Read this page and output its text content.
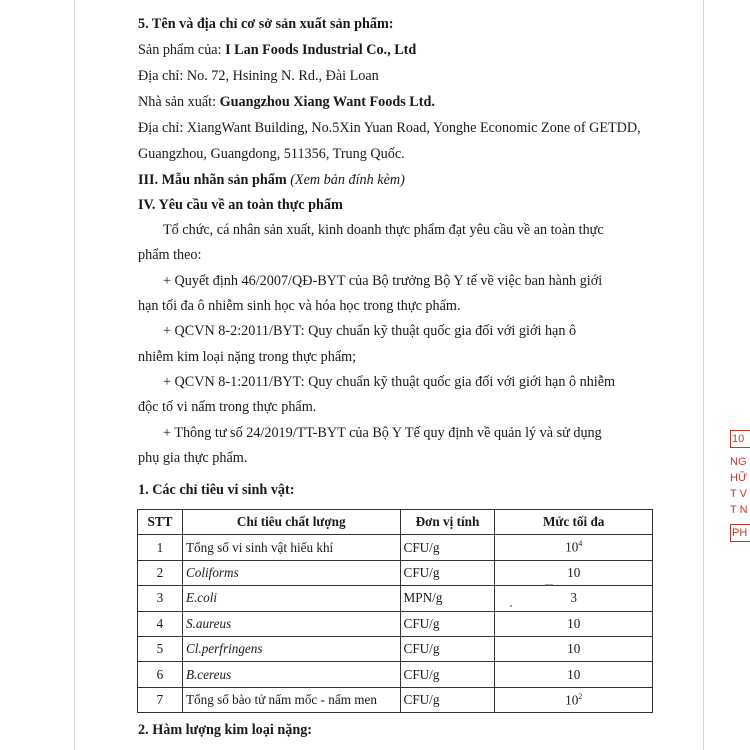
5. Tên và địa chỉ cơ sở sản xuất sản phẩm:
Sản phẩm của: I Lan Foods Industrial Co., Ltd
Địa chỉ: No. 72, Hsining N. Rd., Đài Loan
Nhà sản xuất: Guangzhou Xiang Want Foods Ltd.
Địa chỉ: XiangWant Building, No.5Xin Yuan Road, Yonghe Economic Zone of GETDD,
Guangzhou, Guangdong, 511356, Trung Quốc.
III. Mẫu nhãn sản phẩm (Xem bản đính kèm)
IV. Yêu cầu về an toàn thực phẩm
Tổ chức, cá nhân sản xuất, kinh doanh thực phẩm đạt yêu cầu về an toàn thực
phẩm theo:
+ Quyết định 46/2007/QĐ-BYT của Bộ trưởng Bộ Y tế về việc ban hành giới
hạn tối đa ô nhiễm sinh học và hóa học trong thực phẩm.
+ QCVN 8-2:2011/BYT: Quy chuẩn kỹ thuật quốc gia đối với giới hạn ô
nhiễm kim loại nặng trong thực phẩm;
+ QCVN 8-1:2011/BYT: Quy chuẩn kỹ thuật quốc gia đối với giới hạn ô nhiễm
độc tố vi nấm trong thực phẩm.
+ Thông tư số 24/2019/TT-BYT của Bộ Y Tế quy định về quản lý và sử dụng
phụ gia thực phẩm.
1. Các chỉ tiêu vi sinh vật:
STT	Chỉ tiêu chất lượng	Đơn vị tính	Mức tối đa
1	Tổng số vi sinh vật hiếu khí	CFU/g	$10^4$
2	Coliforms	CFU/g	10
3	E.coli	MPN/g	3
4	S.aureus	CFU/g	10
5	Cl.perfringens	CFU/g	10
6	B.cereus	CFU/g	10
7	Tổng số bào tử nấm mốc - nấm men	CFU/g	$10^2$
2. Hàm lượng kim loại nặng:
10
NG
HỮ
T V
T N
PH
